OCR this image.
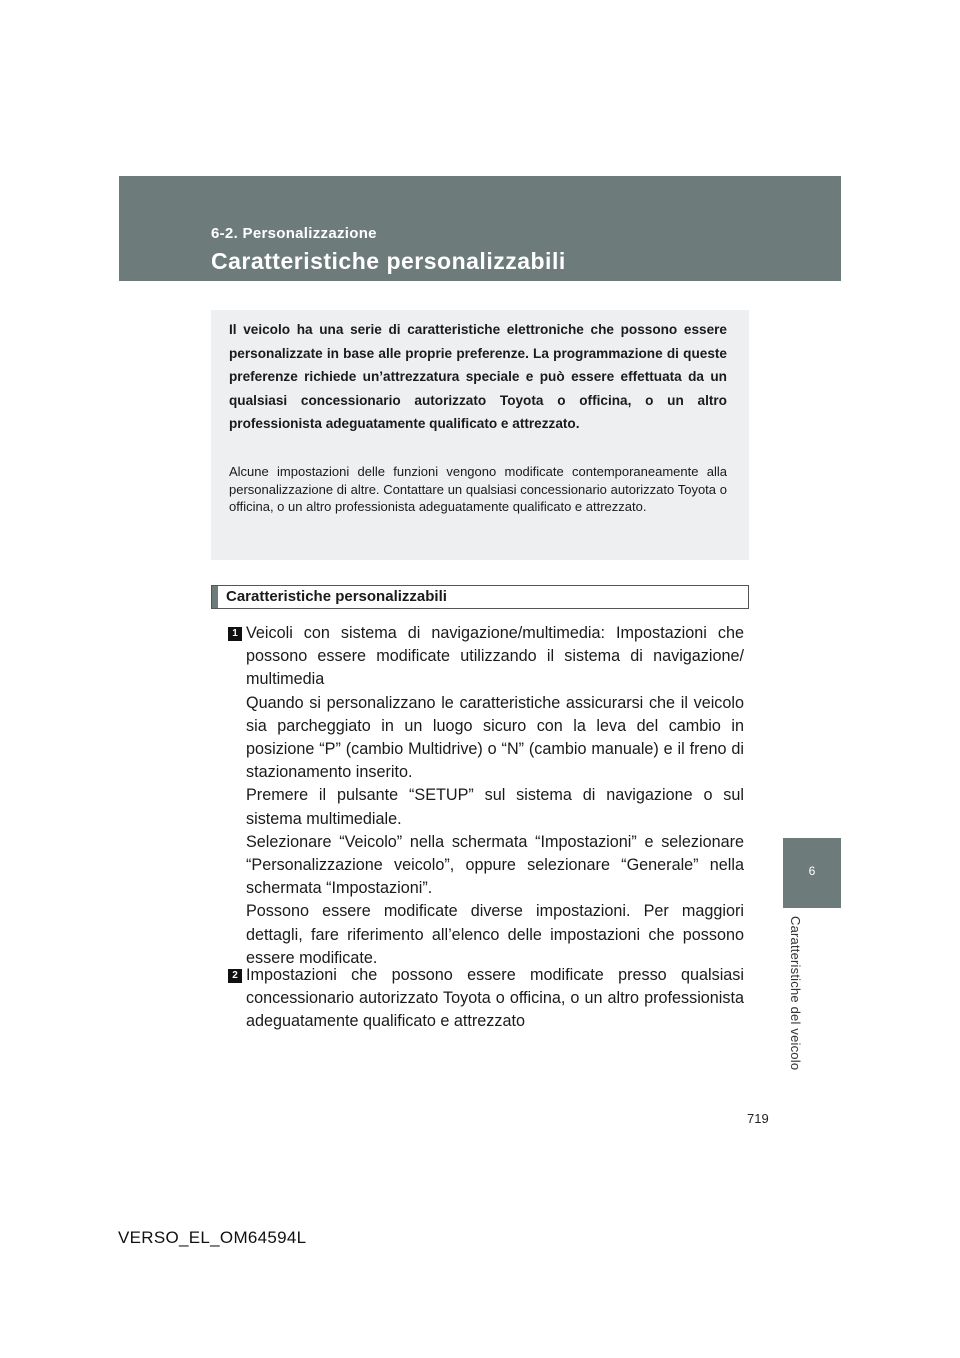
6-2. Personalizzazione
Caratteristiche personalizzabili
Il veicolo ha una serie di caratteristiche elettroniche che possono essere personalizzate in base alle proprie preferenze. La programmazione di queste preferenze richiede un’attrezzatura speciale e può essere effettuata da un qualsiasi concessionario autorizzato Toyota o officina, o un altro professionista adeguatamente qualificato e attrezzato.
Alcune impostazioni delle funzioni vengono modificate contemporaneamente alla personalizzazione di altre. Contattare un qualsiasi concessionario autorizzato Toyota o officina, o un altro professionista adeguatamente qualificato e attrezzato.
Caratteristiche personalizzabili
1 Veicoli con sistema di navigazione/multimedia: Impostazioni che possono essere modificate utilizzando il sistema di navigazione/ multimedia

Quando si personalizzano le caratteristiche assicurarsi che il veicolo sia parcheggiato in un luogo sicuro con la leva del cambio in posizione “P” (cambio Multidrive) o “N” (cambio manuale) e il freno di stazionamento inserito.

Premere il pulsante “SETUP” sul sistema di navigazione o sul sistema multimediale.

Selezionare “Veicolo” nella schermata “Impostazioni” e selezionare “Personalizzazione veicolo”, oppure selezionare “Generale” nella schermata “Impostazioni”.

Possono essere modificate diverse impostazioni. Per maggiori dettagli, fare riferimento all’elenco delle impostazioni che possono essere modificate.

2 Impostazioni che possono essere modificate presso qualsiasi concessionario autorizzato Toyota o officina, o un altro professionista adeguatamente qualificato e attrezzato

6
Caratteristiche del veicolo
719
VERSO_EL_OM64594L
